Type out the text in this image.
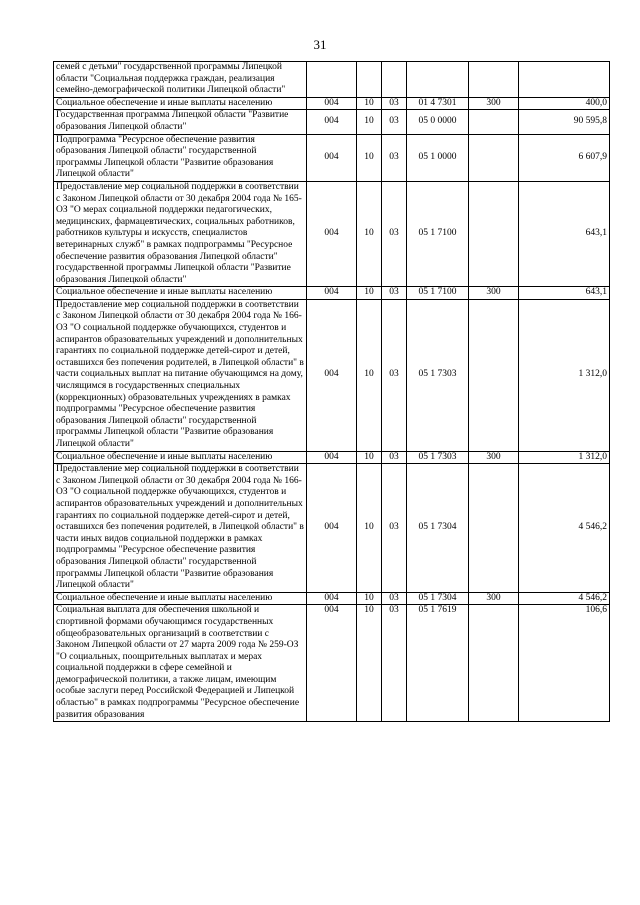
31
семей с детьми" государственной программы Липецкой области "Социальная поддержка граждан, реализация семейно-демографической политики Липецкой области"						
Социальное обеспечение и иные выплаты населению	004	10	03	01 4 7301	300	400,0
Государственная программа Липецкой области "Развитие образования Липецкой области"	004	10	03	05 0 0000		90 595,8
Подпрограмма "Ресурсное обеспечение развития образования Липецкой области" государственной программы Липецкой области "Развитие образования Липецкой области"	004	10	03	05 1 0000		6 607,9
Предоставление мер социальной поддержки в соответствии с Законом Липецкой области от 30 декабря 2004 года № 165-ОЗ "О мерах социальной поддержки педагогических, медицинских, фармацевтических, социальных работников, работников культуры и искусств, специалистов ветеринарных служб" в рамках подпрограммы "Ресурсное обеспечение развития образования Липецкой области" государственной программы Липецкой области "Развитие образования Липецкой области"	004	10	03	05 1 7100		643,1
Социальное обеспечение и иные выплаты населению	004	10	03	05 1 7100	300	643,1
Предоставление мер социальной поддержки в соответствии с Законом Липецкой области от 30 декабря 2004 года № 166-ОЗ "О социальной поддержке обучающихся, студентов и аспирантов образовательных учреждений и дополнительных гарантиях по социальной поддержке детей-сирот и детей, оставшихся без попечения родителей, в Липецкой области" в части социальных выплат на питание обучающимся на дому, числящимся в государственных специальных (коррекционных) образовательных учреждениях в рамках подпрограммы "Ресурсное обеспечение развития образования Липецкой области" государственной программы Липецкой области "Развитие образования Липецкой области"	004	10	03	05 1 7303		1 312,0
Социальное обеспечение и иные выплаты населению	004	10	03	05 1 7303	300	1 312,0
Предоставление мер социальной поддержки в соответствии с Законом Липецкой области от 30 декабря 2004 года № 166-ОЗ "О социальной поддержке обучающихся, студентов и аспирантов образовательных учреждений и дополнительных гарантиях по социальной поддержке детей-сирот и детей, оставшихся без попечения родителей, в Липецкой области" в части иных видов социальной поддержки в рамках подпрограммы "Ресурсное обеспечение развития образования Липецкой области" государственной программы Липецкой области "Развитие образования Липецкой области"	004	10	03	05 1 7304		4 546,2
Социальное обеспечение и иные выплаты населению	004	10	03	05 1 7304	300	4 546,2
Социальная выплата для обеспечения школьной и спортивной формами обучающимся государственных общеобразовательных организаций в соответствии с Законом Липецкой области от 27 марта 2009 года № 259-ОЗ "О социальных, поощрительных выплатах и мерах социальной поддержки в сфере семейной и демографической политики, а также лицам, имеющим особые заслуги перед Российской Федерацией и Липецкой областью" в рамках подпрограммы "Ресурсное обеспечение развития образования	004	10	03	05 1 7619		106,6
